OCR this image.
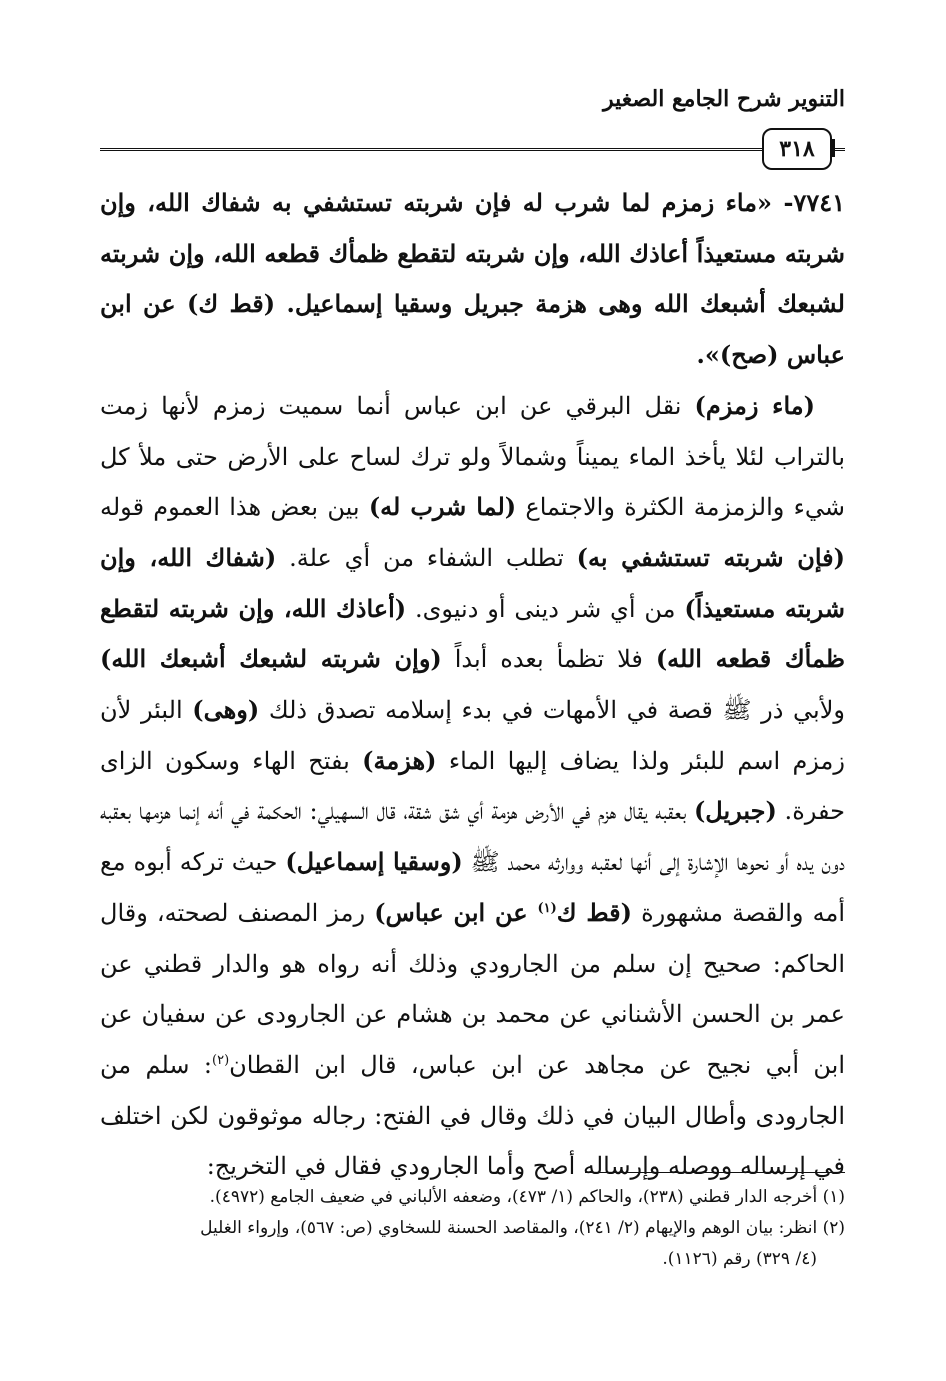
التنوير شرح الجامع الصغير
٣١٨

٧٧٤١- «ماء زمزم لما شرب له فإن شربته تستشفي به شفاك الله، وإن شربته مستعيذاً أعاذك الله، وإن شربته لتقطع ظمأك قطعه الله، وإن شربته لشبعك أشبعك الله وهى هزمة جبريل وسقيا إسماعيل. (قط ك) عن ابن عباس (صح)».

(ماء زمزم) نقل البرقي عن ابن عباس أنما سميت زمزم لأنها زمت بالتراب لئلا يأخذ الماء يميناً وشمالاً ولو ترك لساح على الأرض حتى ملأ كل شيء والزمزمة الكثرة والاجتماع (لما شرب له) بين بعض هذا العموم قوله (فإن شربته تستشفي به) تطلب الشفاء من أي علة. (شفاك الله، وإن شربته مستعيذاً) من أي شر دينى أو دنيوى. (أعاذك الله، وإن شربته لتقطع ظمأك قطعه الله) فلا تظمأ بعده أبداً (وإن شربته لشبعك أشبعك الله) ولأبي ذر ﷺ قصة في الأمهات في بدء إسلامه تصدق ذلك (وهى) البئر لأن زمزم اسم للبئر ولذا يضاف إليها الماء (هزمة) بفتح الهاء وسكون الزاى حفرة. (جبريل) بعقبه يقال هزم في الأرض هزمة أي شق شقة، قال السهيلي: الحكمة في أنه إنما هزمها بعقبه دون يده أو نحوها الإشارة إلى أنها لعقبه ووارثه محمد ﷺ (وسقيا إسماعيل) حيث تركه أبوه مع أمه والقصة مشهورة (قط ك$^{(١)}$ عن ابن عباس) رمز المصنف لصحته، وقال الحاكم: صحيح إن سلم من الجارودي وذلك أنه رواه هو والدار قطني عن عمر بن الحسن الأشناني عن محمد بن هشام عن الجارودى عن سفيان عن ابن أبي نجيح عن مجاهد عن ابن عباس، قال ابن القطان$^{(٢)}$: سلم من الجارودى وأطال البيان في ذلك وقال في الفتح: رجاله موثوقون لكن اختلف في إرساله ووصله وإرساله أصح وأما الجارودي فقال في التخريج:

(١) أخرجه الدار قطني (٢٣٨)، والحاكم (١/ ٤٧٣)، وضعفه الألباني في ضعيف الجامع (٤٩٧٢).

(٢) انظر: بيان الوهم والإيهام (٢/ ٢٤١)، والمقاصد الحسنة للسخاوي (ص: ٥٦٧)، وإرواء الغليل

(٤/ ٣٢٩) رقم (١١٢٦).
